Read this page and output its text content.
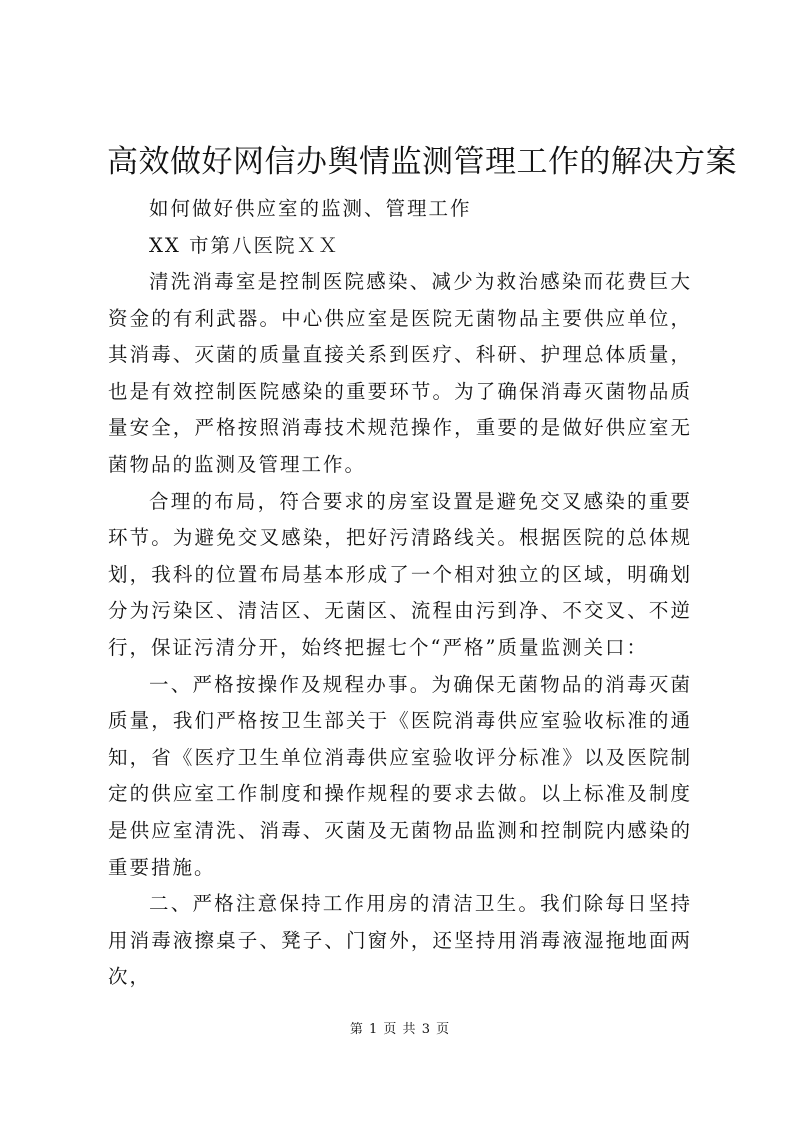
高效做好网信办舆情监测管理工作的解决方案

如何做好供应室的监测、管理工作

XX 市第八医院ＸＸ

清洗消毒室是控制医院感染、减少为救治感染而花费巨大资金的有利武器。中心供应室是医院无菌物品主要供应单位，其消毒、灭菌的质量直接关系到医疗、科研、护理总体质量，也是有效控制医院感染的重要环节。为了确保消毒灭菌物品质量安全，严格按照消毒技术规范操作，重要的是做好供应室无菌物品的监测及管理工作。

合理的布局，符合要求的房室设置是避免交叉感染的重要环节。为避免交叉感染，把好污清路线关。根据医院的总体规划，我科的位置布局基本形成了一个相对独立的区域，明确划分为污染区、清洁区、无菌区、流程由污到净、不交叉、不逆行，保证污清分开，始终把握七个“严格”质量监测关口：

一、严格按操作及规程办事。为确保无菌物品的消毒灭菌质量，我们严格按卫生部关于《医院消毒供应室验收标准的通知，省《医疗卫生单位消毒供应室验收评分标准》以及医院制定的供应室工作制度和操作规程的要求去做。以上标准及制度是供应室清洗、消毒、灭菌及无菌物品监测和控制院内感染的重要措施。

二、严格注意保持工作用房的清洁卫生。我们除每日坚持用消毒液擦桌子、凳子、门窗外，还坚持用消毒液湿拖地面两次，

第 1 页 共 3 页
